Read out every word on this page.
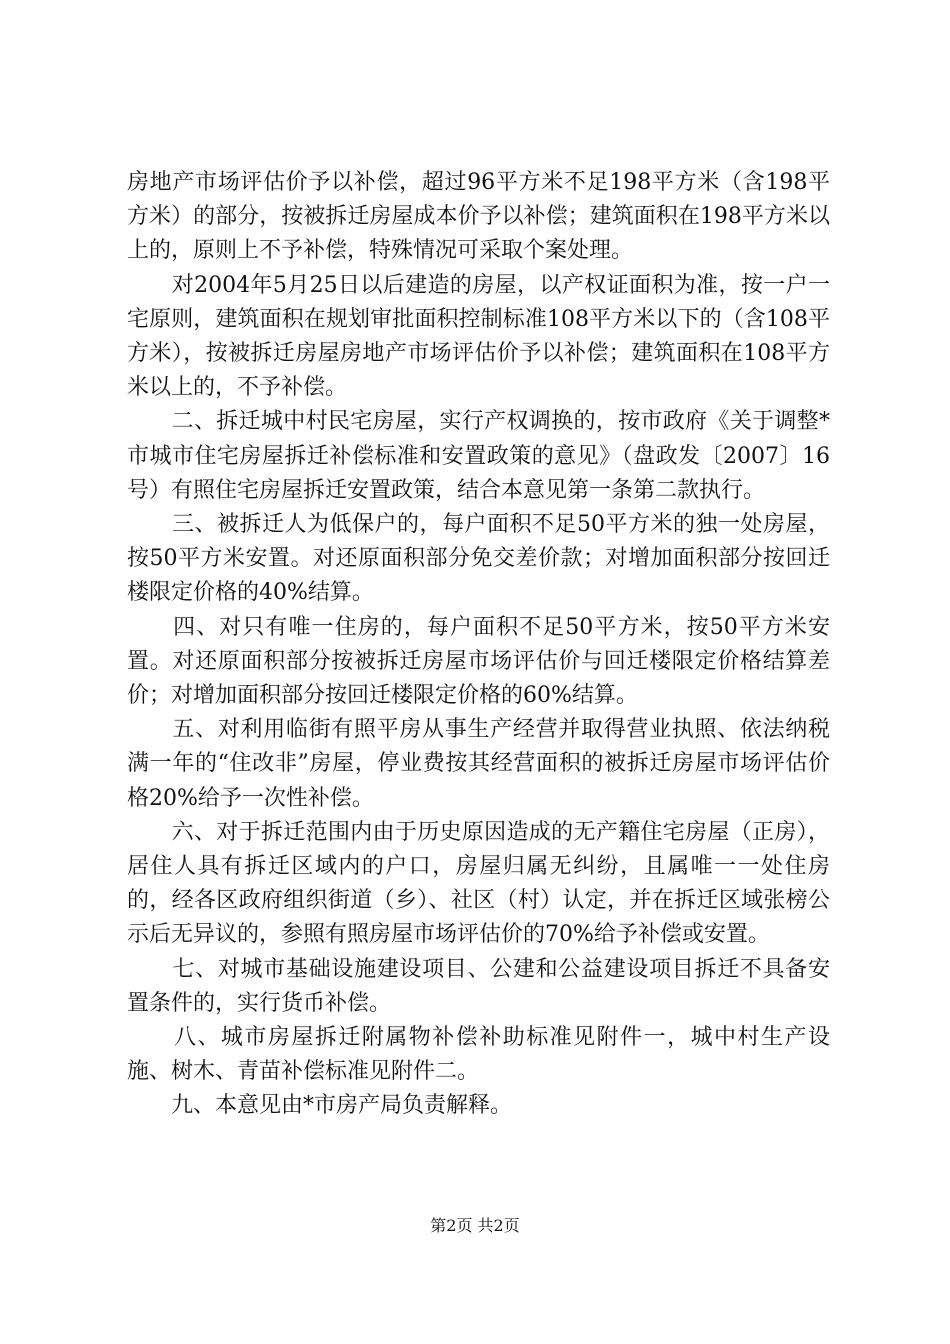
房地产市场评估价予以补偿，超过96平方米不足198平方米（含198平方米）的部分，按被拆迁房屋成本价予以补偿；建筑面积在198平方米以上的，原则上不予补偿，特殊情况可采取个案处理。

　　对2004年5月25日以后建造的房屋，以产权证面积为准，按一户一宅原则，建筑面积在规划审批面积控制标准108平方米以下的（含108平方米），按被拆迁房屋房地产市场评估价予以补偿；建筑面积在108平方米以上的，不予补偿。

　　二、拆迁城中村民宅房屋，实行产权调换的，按市政府《关于调整*市城市住宅房屋拆迁补偿标准和安置政策的意见》（盘政发〔2007〕16号）有照住宅房屋拆迁安置政策，结合本意见第一条第二款执行。

　　三、被拆迁人为低保户的，每户面积不足50平方米的独一处房屋，按50平方米安置。对还原面积部分免交差价款；对增加面积部分按回迁楼限定价格的40%结算。

　　四、对只有唯一住房的，每户面积不足50平方米，按50平方米安置。对还原面积部分按被拆迁房屋市场评估价与回迁楼限定价格结算差价；对增加面积部分按回迁楼限定价格的60%结算。

　　五、对利用临街有照平房从事生产经营并取得营业执照、依法纳税满一年的“住改非”房屋，停业费按其经营面积的被拆迁房屋市场评估价格20%给予一次性补偿。

　　六、对于拆迁范围内由于历史原因造成的无产籍住宅房屋（正房），居住人具有拆迁区域内的户口，房屋归属无纠纷，且属唯一一处住房的，经各区政府组织街道（乡）、社区（村）认定，并在拆迁区域张榜公示后无异议的，参照有照房屋市场评估价的70%给予补偿或安置。

　　七、对城市基础设施建设项目、公建和公益建设项目拆迁不具备安置条件的，实行货币补偿。

　　八、城市房屋拆迁附属物补偿补助标准见附件一，城中村生产设施、树木、青苗补偿标准见附件二。

　　九、本意见由*市房产局负责解释。

第2页 共2页
